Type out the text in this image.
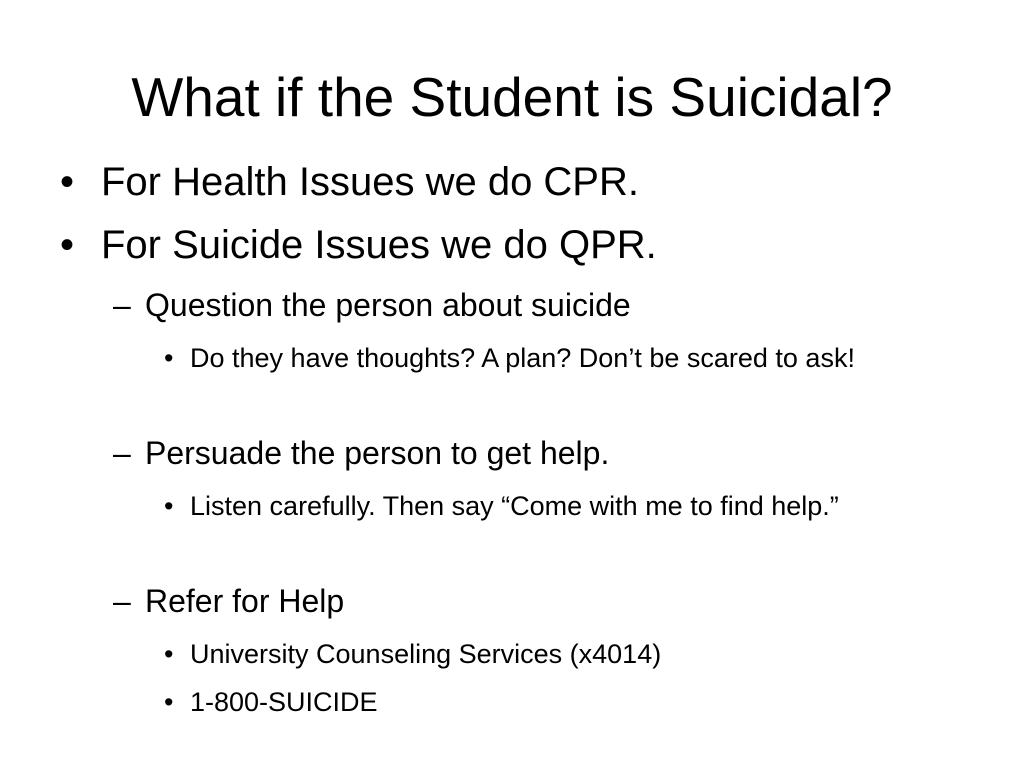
What if the Student is Suicidal?
• For Health Issues we do CPR.
• For Suicide Issues we do QPR.
– Question the person about suicide
• Do they have thoughts? A plan? Don’t be scared to ask!
– Persuade the person to get help.
• Listen carefully. Then say “Come with me to find help.”
– Refer for Help
• University Counseling Services (x4014)
• 1-800-SUICIDE
